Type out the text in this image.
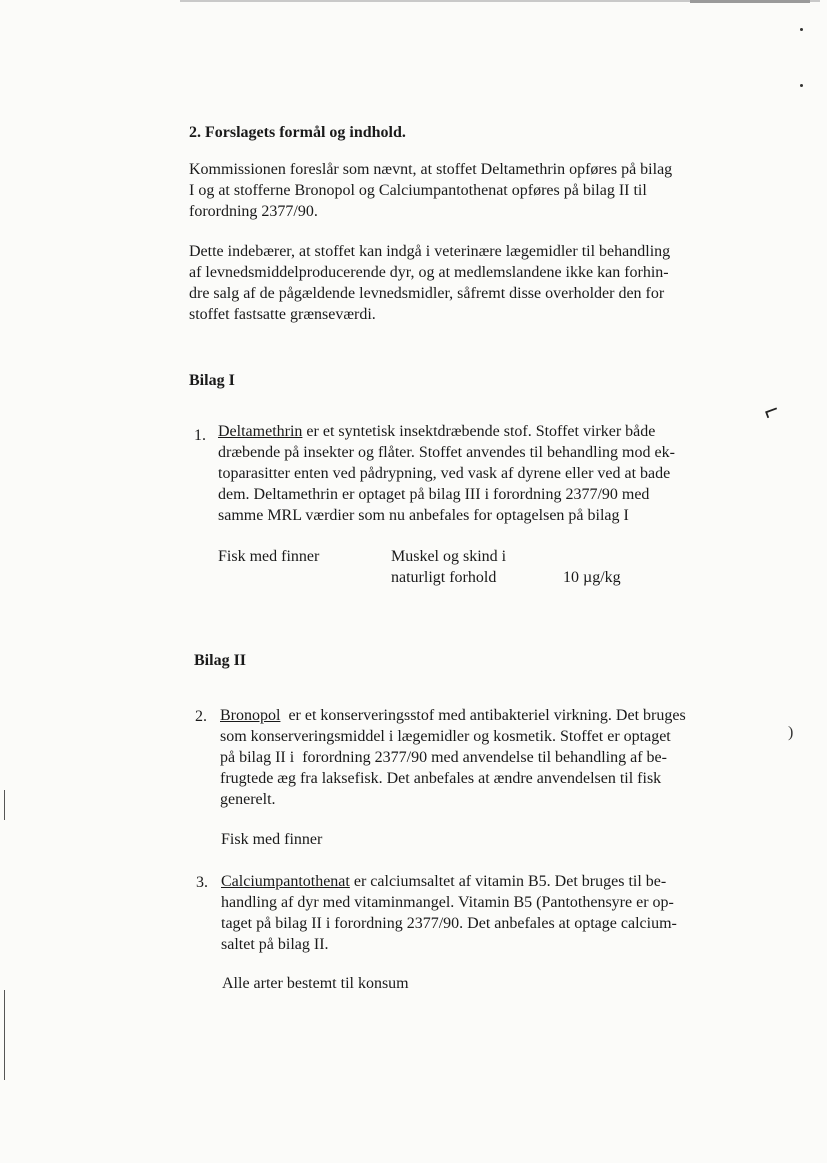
⌐
)
2. Forslagets formål og indhold.
Kommissionen foreslår som nævnt, at stoffet Deltamethrin opføres på bilag
I og at stofferne Bronopol og Calciumpantothenat opføres på bilag II til
forordning 2377/90.
Dette indebærer, at stoffet kan indgå i veterinære lægemidler til behandling
af levnedsmiddelproducerende dyr, og at medlemslandene ikke kan forhin-
dre salg af de pågældende levnedsmidler, såfremt disse overholder den for
stoffet fastsatte grænseværdi.
Bilag I
1. Deltamethrin er et syntetisk insektdræbende stof. Stoffet virker både
dræbende på insekter og flåter. Stoffet anvendes til behandling mod ek-
toparasitter enten ved pådrypning, ved vask af dyrene eller ved at bade
dem. Deltamethrin er optaget på bilag III i forordning 2377/90 med
samme MRL værdier som nu anbefales for optagelsen på bilag I
Fisk med finner	Muskel og skind i
naturligt forhold	10 µg/kg
Bilag II
2. Bronopol  er et konserveringsstof med antibakteriel virkning. Det bruges
som konserveringsmiddel i lægemidler og kosmetik. Stoffet er optaget
på bilag II i  forordning 2377/90 med anvendelse til behandling af be-
frugtede æg fra laksefisk. Det anbefales at ændre anvendelsen til fisk
generelt.
Fisk med finner
3. Calciumpantothenat er calciumsaltet af vitamin B5. Det bruges til be-
handling af dyr med vitaminmangel. Vitamin B5 (Pantothensyre er op-
taget på bilag II i forordning 2377/90. Det anbefales at optage calcium-
saltet på bilag II.
Alle arter bestemt til konsum
